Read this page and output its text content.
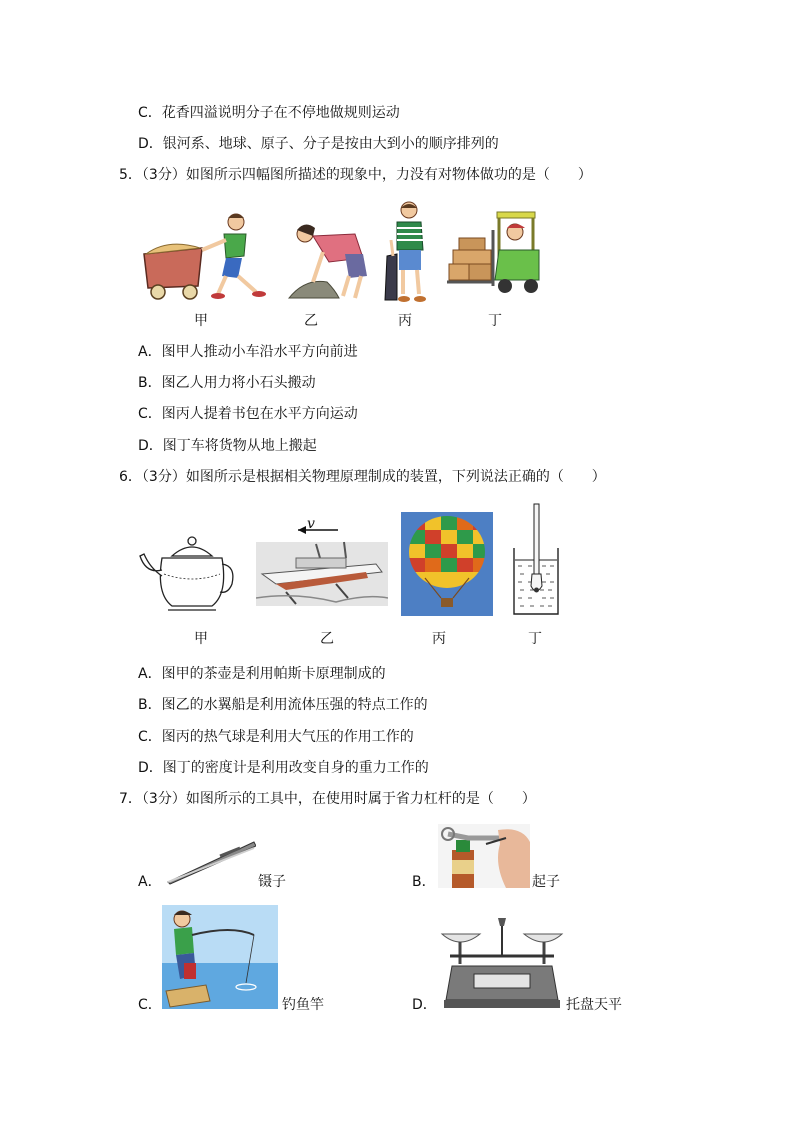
C．花香四溢说明分子在不停地做规则运动
D．银河系、地球、原子、分子是按由大到小的顺序排列的
5．（3分）如图所示四幅图所描述的现象中，力没有对物体做功的是（　　）
甲	乙	丙	丁
A．图甲人推动小车沿水平方向前进
B．图乙人用力将小石头搬动
C．图丙人提着书包在水平方向运动
D．图丁车将货物从地上搬起
6．（3分）如图所示是根据相关物理原理制成的装置，下列说法正确的（　　）
v
甲	乙	丙	丁
A．图甲的茶壶是利用帕斯卡原理制成的
B．图乙的水翼船是利用流体压强的特点工作的
C．图丙的热气球是利用大气压的作用工作的
D．图丁的密度计是利用改变自身的重力工作的
7．（3分）如图所示的工具中，在使用时属于省力杠杆的是（　　）
A．	镊子	B．	起子
C．	钓鱼竿	D．	托盘天平
